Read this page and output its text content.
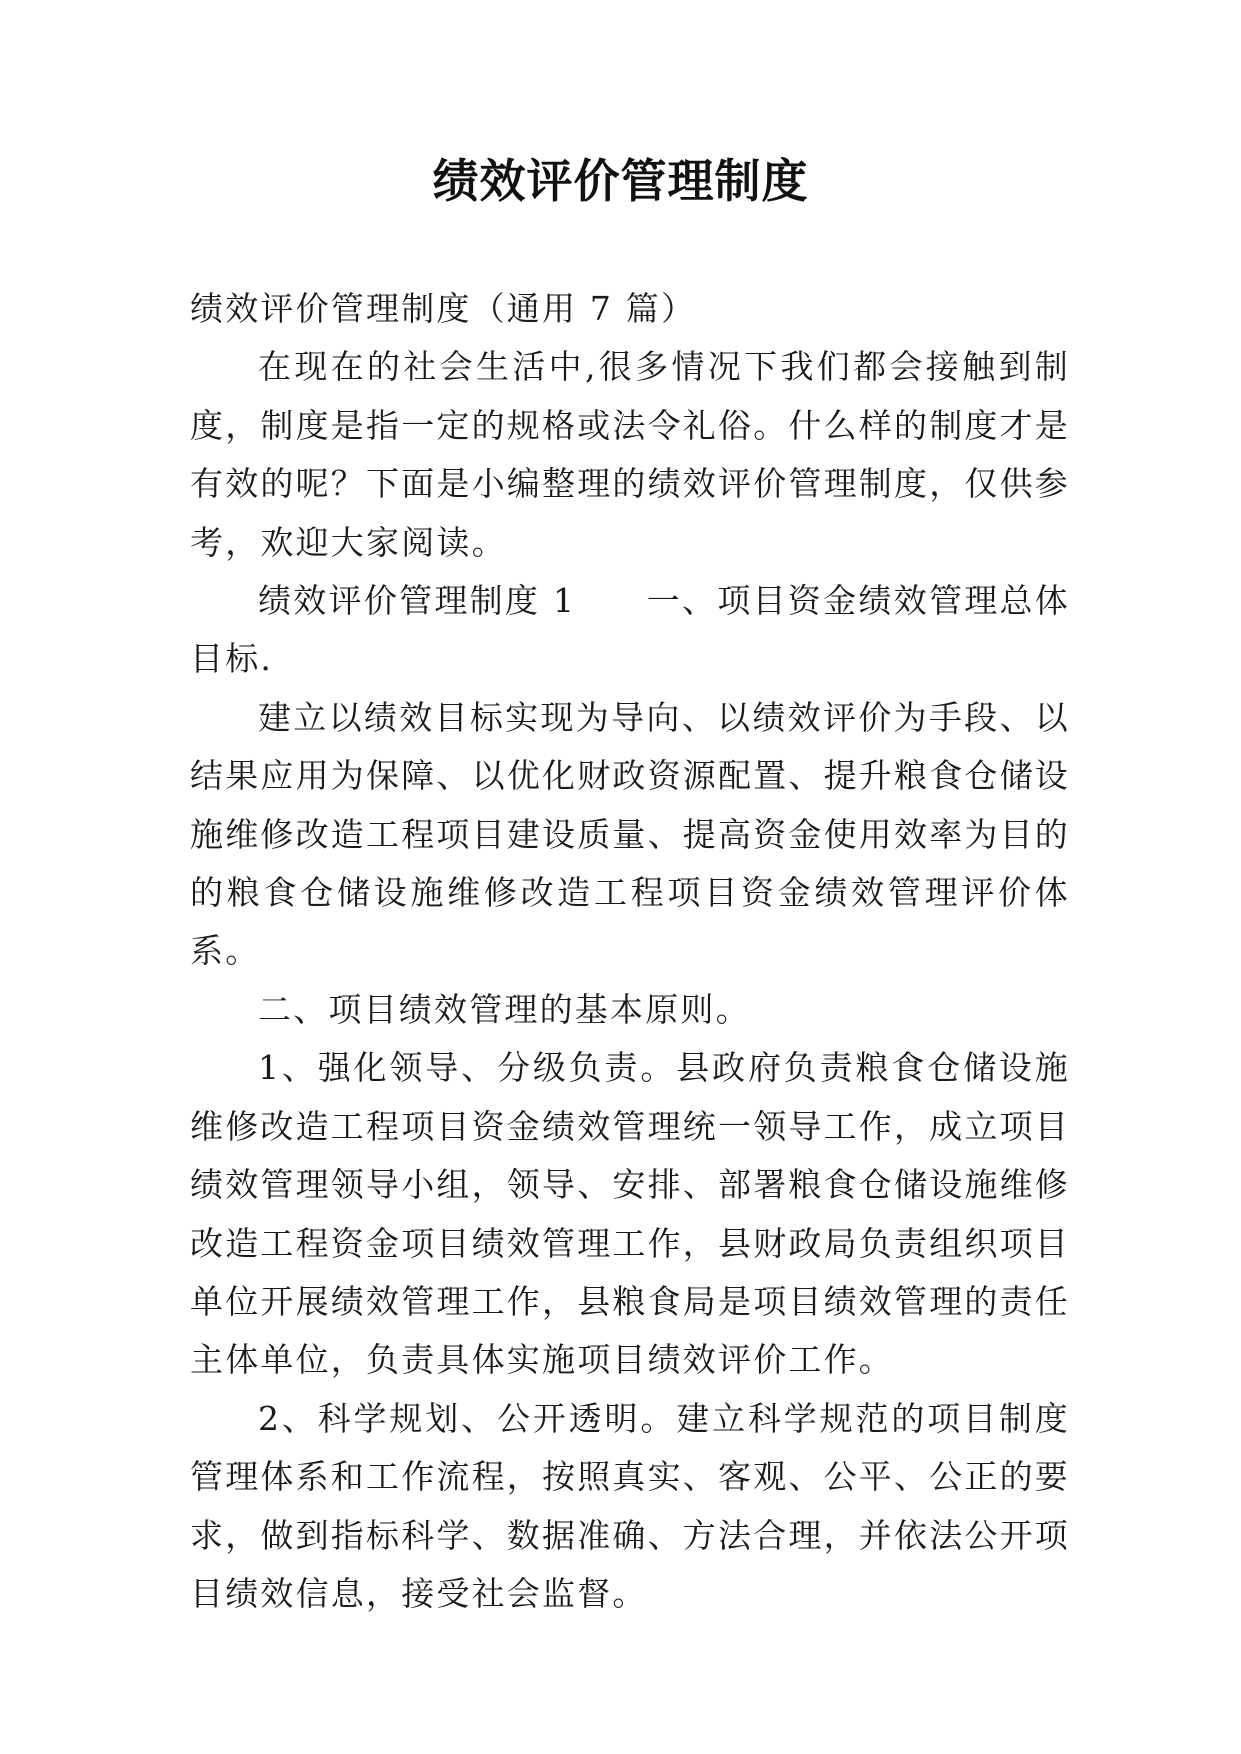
绩效评价管理制度

绩效评价管理制度（通用 7 篇）

在现在的社会生活中,很多情况下我们都会接触到制度，制度是指一定的规格或法令礼俗。什么样的制度才是有效的呢？下面是小编整理的绩效评价管理制度，仅供参考，欢迎大家阅读。

绩效评价管理制度 1　　一、项目资金绩效管理总体目标.

建立以绩效目标实现为导向、以绩效评价为手段、以结果应用为保障、以优化财政资源配置、提升粮食仓储设施维修改造工程项目建设质量、提高资金使用效率为目的的粮食仓储设施维修改造工程项目资金绩效管理评价体系。

二、项目绩效管理的基本原则。

1、强化领导、分级负责。县政府负责粮食仓储设施维修改造工程项目资金绩效管理统一领导工作，成立项目绩效管理领导小组，领导、安排、部署粮食仓储设施维修改造工程资金项目绩效管理工作，县财政局负责组织项目单位开展绩效管理工作，县粮食局是项目绩效管理的责任主体单位，负责具体实施项目绩效评价工作。

2、科学规划、公开透明。建立科学规范的项目制度管理体系和工作流程，按照真实、客观、公平、公正的要求，做到指标科学、数据准确、方法合理，并依法公开项目绩效信息，接受社会监督。
